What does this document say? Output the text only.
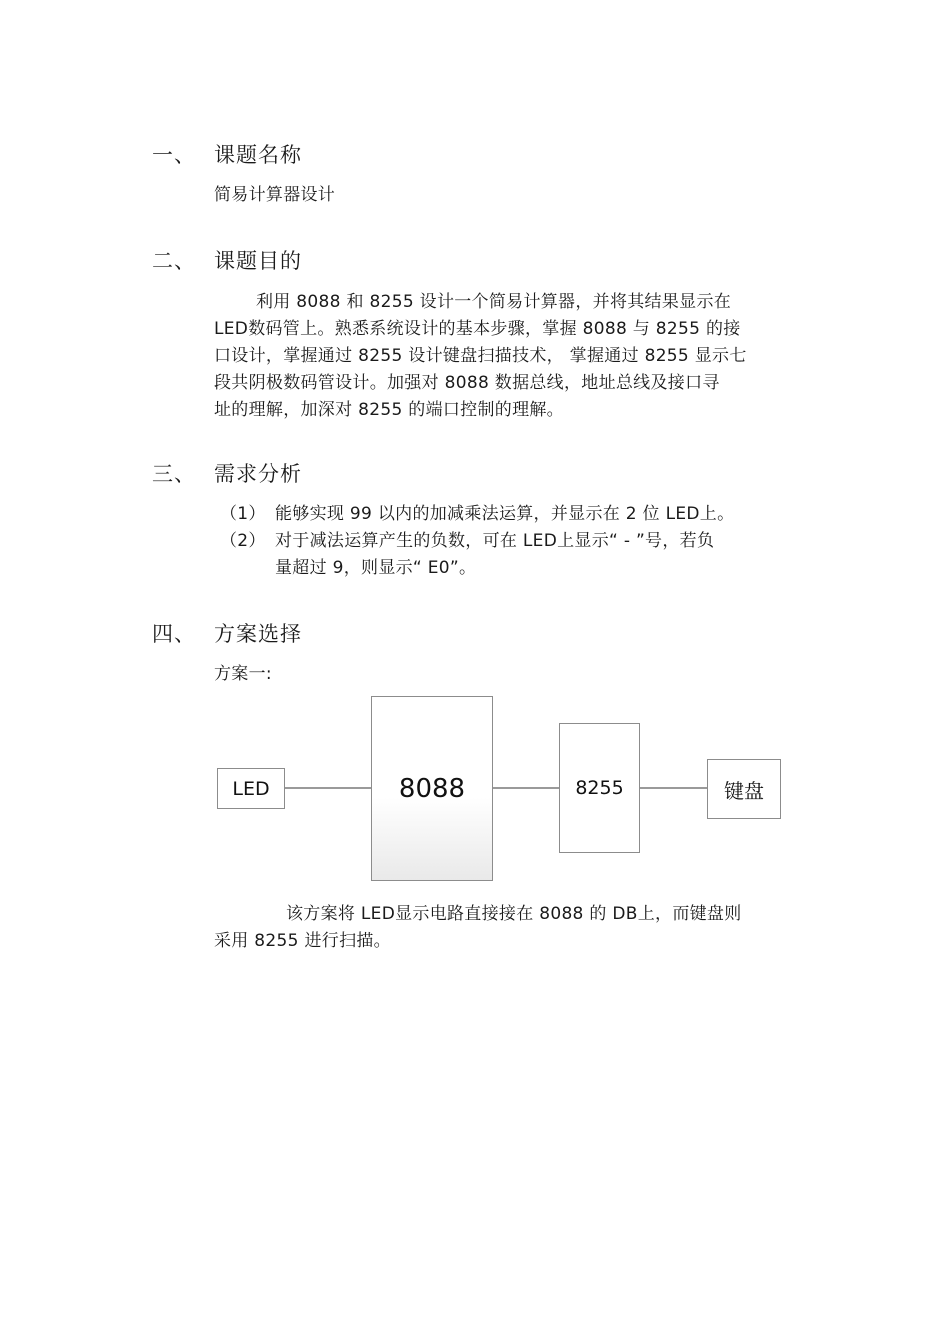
一、 课题名称
简易计算器设计
二、 课题目的
利用 8088 和 8255 设计一个简易计算器，并将其结果显示在
LED数码管上。熟悉系统设计的基本步骤，掌握 8088 与 8255 的接
口设计，掌握通过 8255 设计键盘扫描技术， 掌握通过 8255 显示七
段共阴极数码管设计。加强对 8088 数据总线，地址总线及接口寻
址的理解，加深对 8255 的端口控制的理解。
三、 需求分析
（1） 能够实现 99 以内的加减乘法运算，并显示在 2 位 LED上。
（2） 对于减法运算产生的负数，可在 LED上显示“ - ”号，若负
量超过 9，则显示“ E0”。
四、 方案选择
方案一:
LED	8088	8255	键盘
该方案将 LED显示电路直接接在 8088 的 DB上，而键盘则
采用 8255 进行扫描。
